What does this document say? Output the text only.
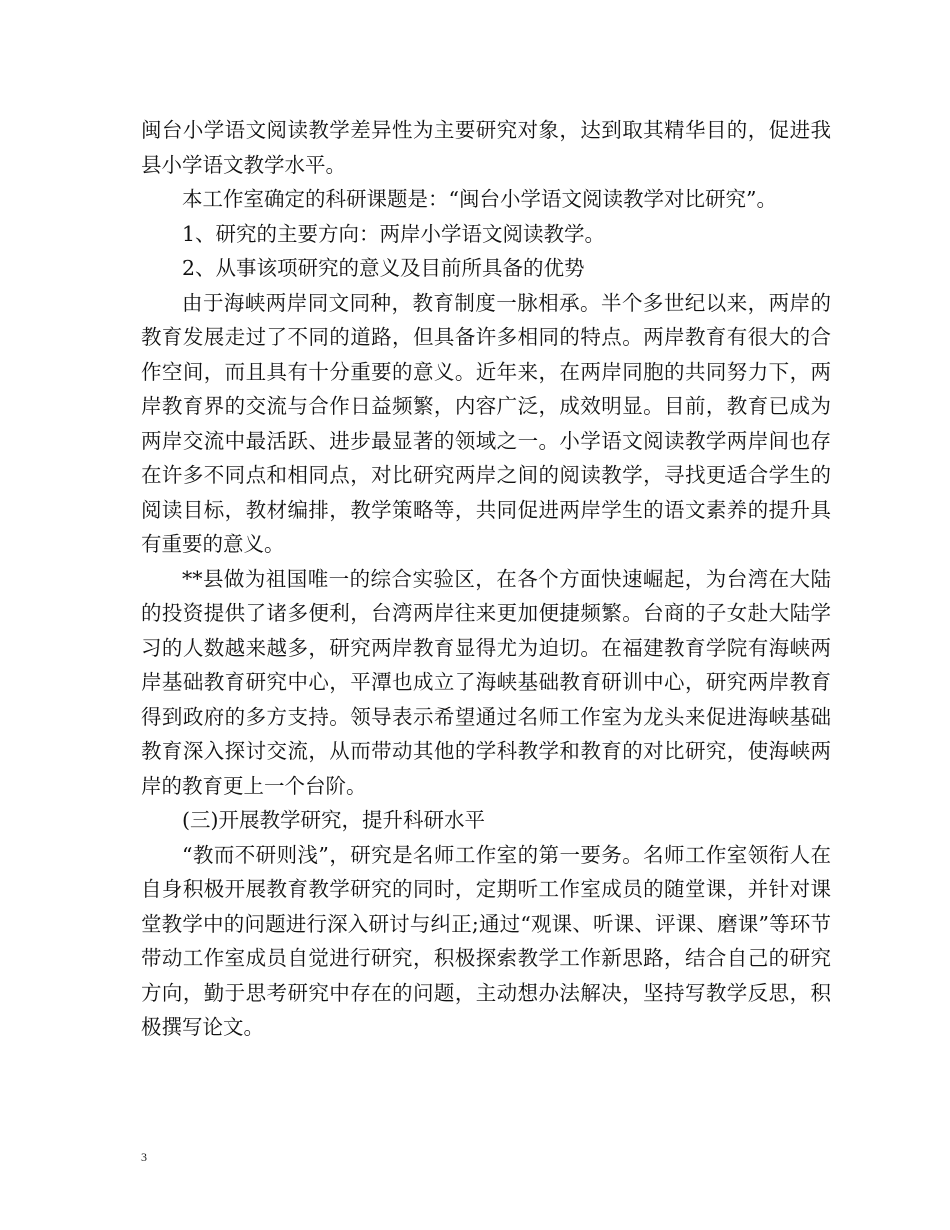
闽台小学语文阅读教学差异性为主要研究对象，达到取其精华目的，促进我县小学语文教学水平。

本工作室确定的科研课题是：“闽台小学语文阅读教学对比研究”。

1、研究的主要方向：两岸小学语文阅读教学。

2、从事该项研究的意义及目前所具备的优势

由于海峡两岸同文同种，教育制度一脉相承。半个多世纪以来，两岸的教育发展走过了不同的道路，但具备许多相同的特点。两岸教育有很大的合作空间，而且具有十分重要的意义。近年来，在两岸同胞的共同努力下，两岸教育界的交流与合作日益频繁，内容广泛，成效明显。目前，教育已成为两岸交流中最活跃、进步最显著的领域之一。小学语文阅读教学两岸间也存在许多不同点和相同点，对比研究两岸之间的阅读教学，寻找更适合学生的阅读目标，教材编排，教学策略等，共同促进两岸学生的语文素养的提升具有重要的意义。

**县做为祖国唯一的综合实验区，在各个方面快速崛起，为台湾在大陆的投资提供了诸多便利，台湾两岸往来更加便捷频繁。台商的子女赴大陆学习的人数越来越多，研究两岸教育显得尤为迫切。在福建教育学院有海峡两岸基础教育研究中心，平潭也成立了海峡基础教育研训中心，研究两岸教育得到政府的多方支持。领导表示希望通过名师工作室为龙头来促进海峡基础教育深入探讨交流，从而带动其他的学科教学和教育的对比研究，使海峡两岸的教育更上一个台阶。

(三)开展教学研究，提升科研水平

“教而不研则浅”，研究是名师工作室的第一要务。名师工作室领衔人在自身积极开展教育教学研究的同时，定期听工作室成员的随堂课，并针对课堂教学中的问题进行深入研讨与纠正;通过“观课、听课、评课、磨课”等环节带动工作室成员自觉进行研究，积极探索教学工作新思路，结合自己的研究方向，勤于思考研究中存在的问题，主动想办法解决，坚持写教学反思，积极撰写论文。

3
